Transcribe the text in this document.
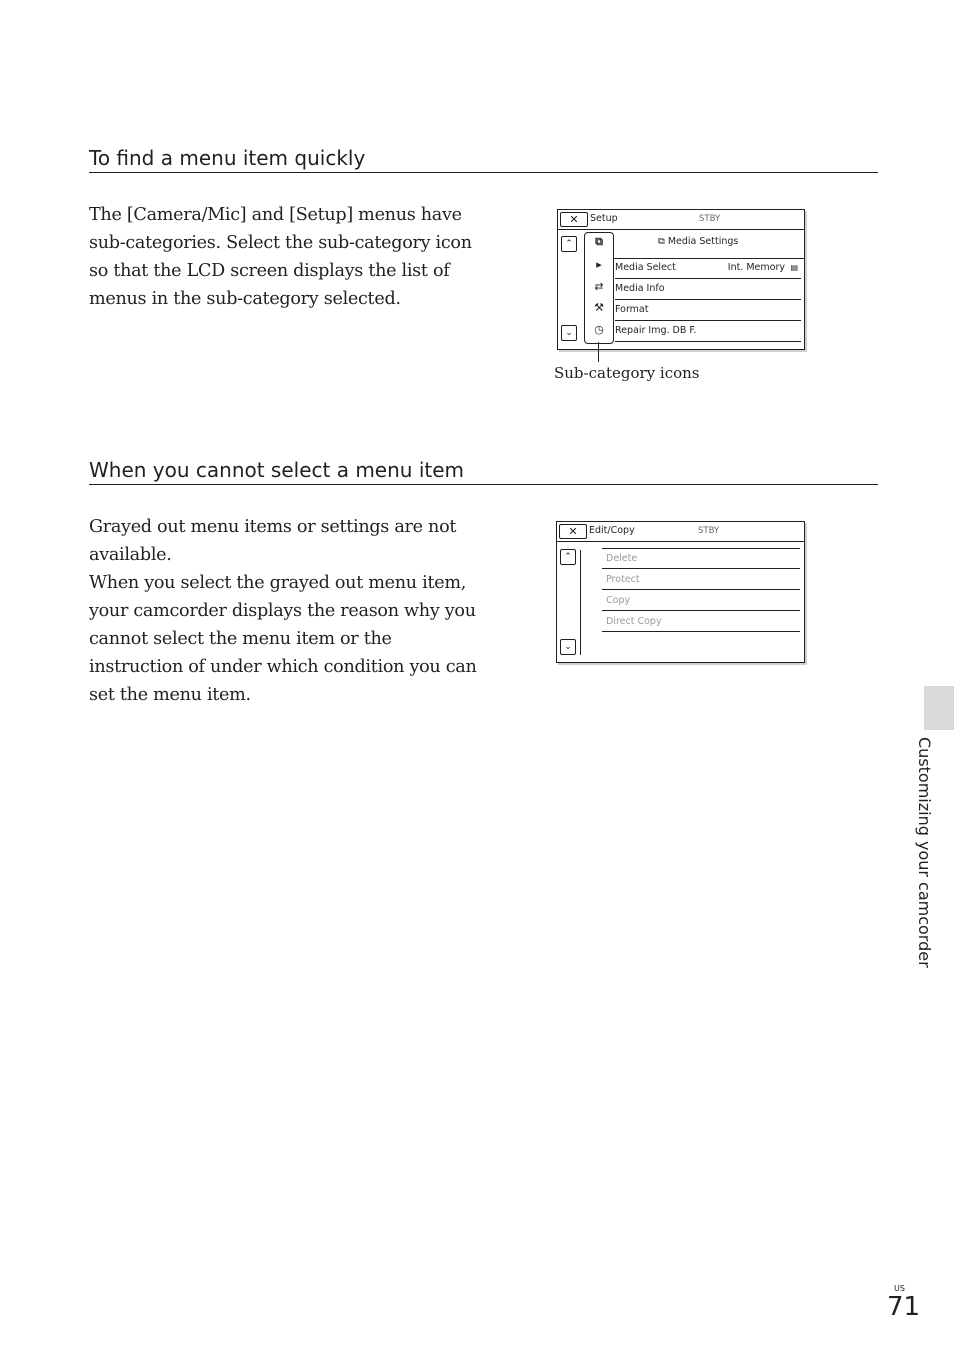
To find a menu item quickly

The [Camera/Mic] and [Setup] menus have sub-categories. Select the sub-category icon so that the LCD screen displays the list of menus in the sub-category selected.

✕	Setup	STBY
⌃
⌄
⧉
▸
⇄
⚒
◷
⧉ Media Settings
Media Select	Int. Memory ▤
Media Info
Format
Repair Img. DB F.
Sub-category icons
When you cannot select a menu item

Grayed out menu items or settings are not available.
When you select the grayed out menu item, your camcorder displays the reason why you cannot select the menu item or the instruction of under which condition you can set the menu item.

✕	Edit/Copy	STBY
⌃
⌄
Delete
Protect
Copy
Direct Copy
Customizing your camcorder
US
71
